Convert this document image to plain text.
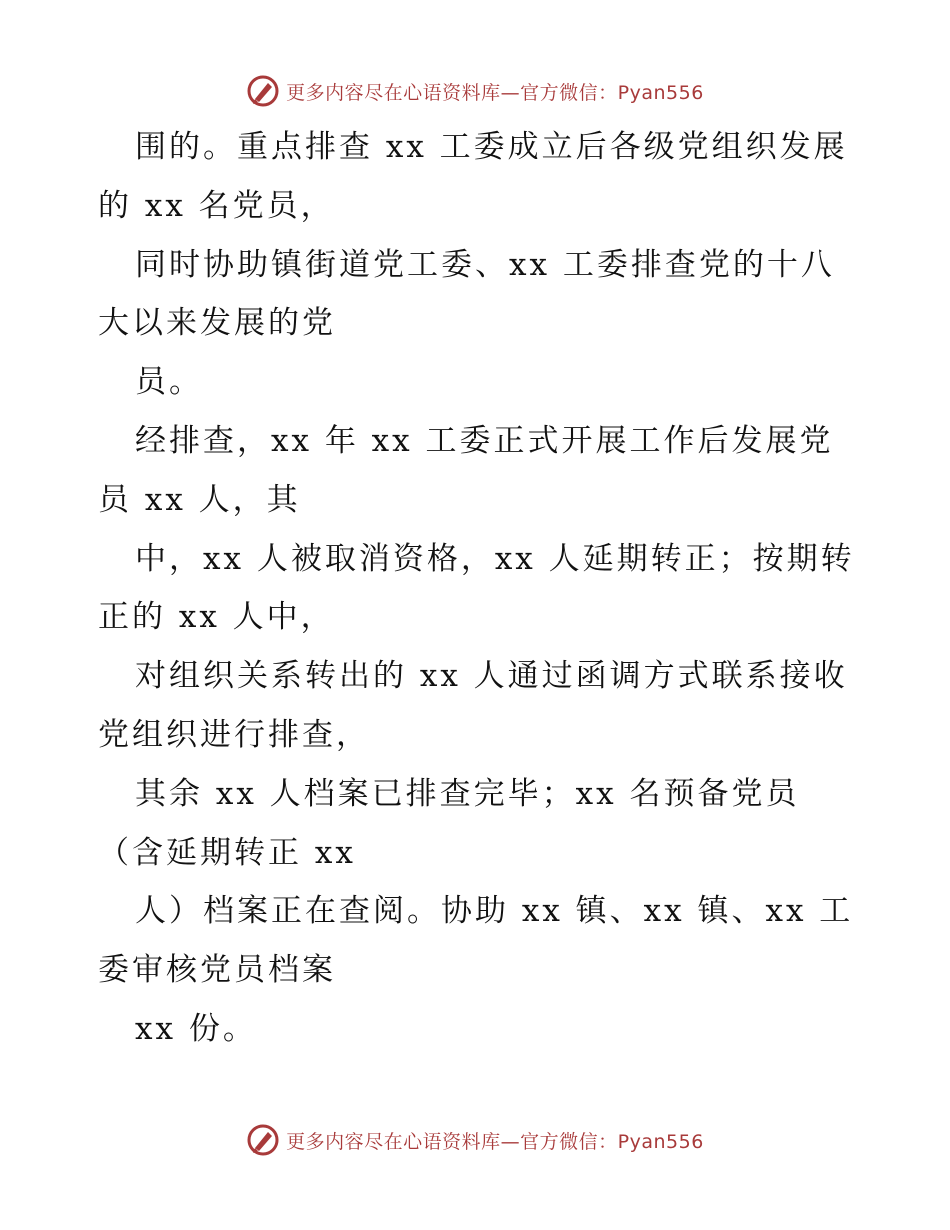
更多内容尽在心语资料库—官方微信：Pyan556

围的。重点排查 xx 工委成立后各级党组织发展

的 xx 名党员，

同时协助镇街道党工委、xx 工委排查党的十八

大以来发展的党

员。

经排查，xx 年 xx 工委正式开展工作后发展党

员 xx 人，其

中，xx 人被取消资格，xx 人延期转正；按期转

正的 xx 人中，

对组织关系转出的 xx 人通过函调方式联系接收

党组织进行排查，

其余 xx 人档案已排查完毕；xx 名预备党员

（含延期转正 xx

人）档案正在查阅。协助 xx 镇、xx 镇、xx 工

委审核党员档案

xx 份。

更多内容尽在心语资料库—官方微信：Pyan556
